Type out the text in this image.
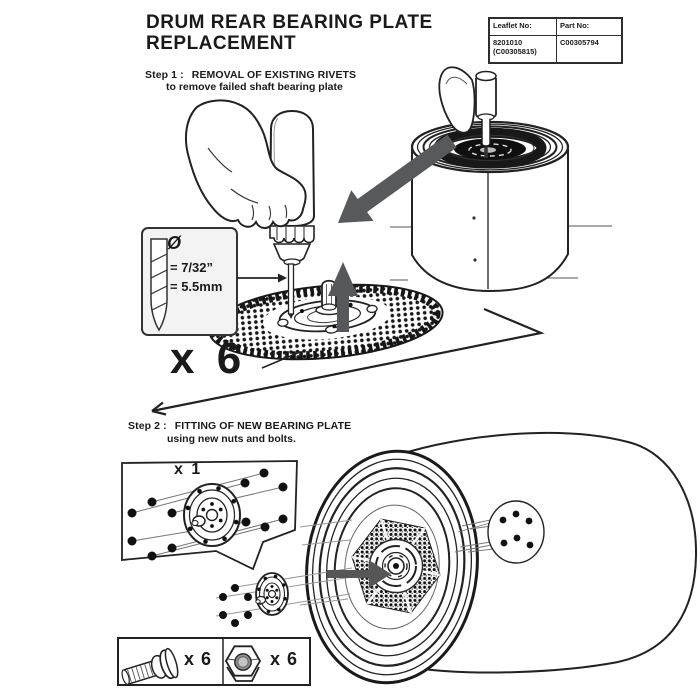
DRUM REAR BEARING PLATE
REPLACEMENT
Leaflet No:	Part No:

8201010
(C00305815)	C00305794
Step 1 : REMOVAL OF EXISTING RIVETS
to remove failed shaft bearing plate
Ø
= 7/32”
= 5.5mm
x 6
Step 2 : FITTING OF NEW BEARING PLATE
using new nuts and bolts.
x 1
x 6	x 6
